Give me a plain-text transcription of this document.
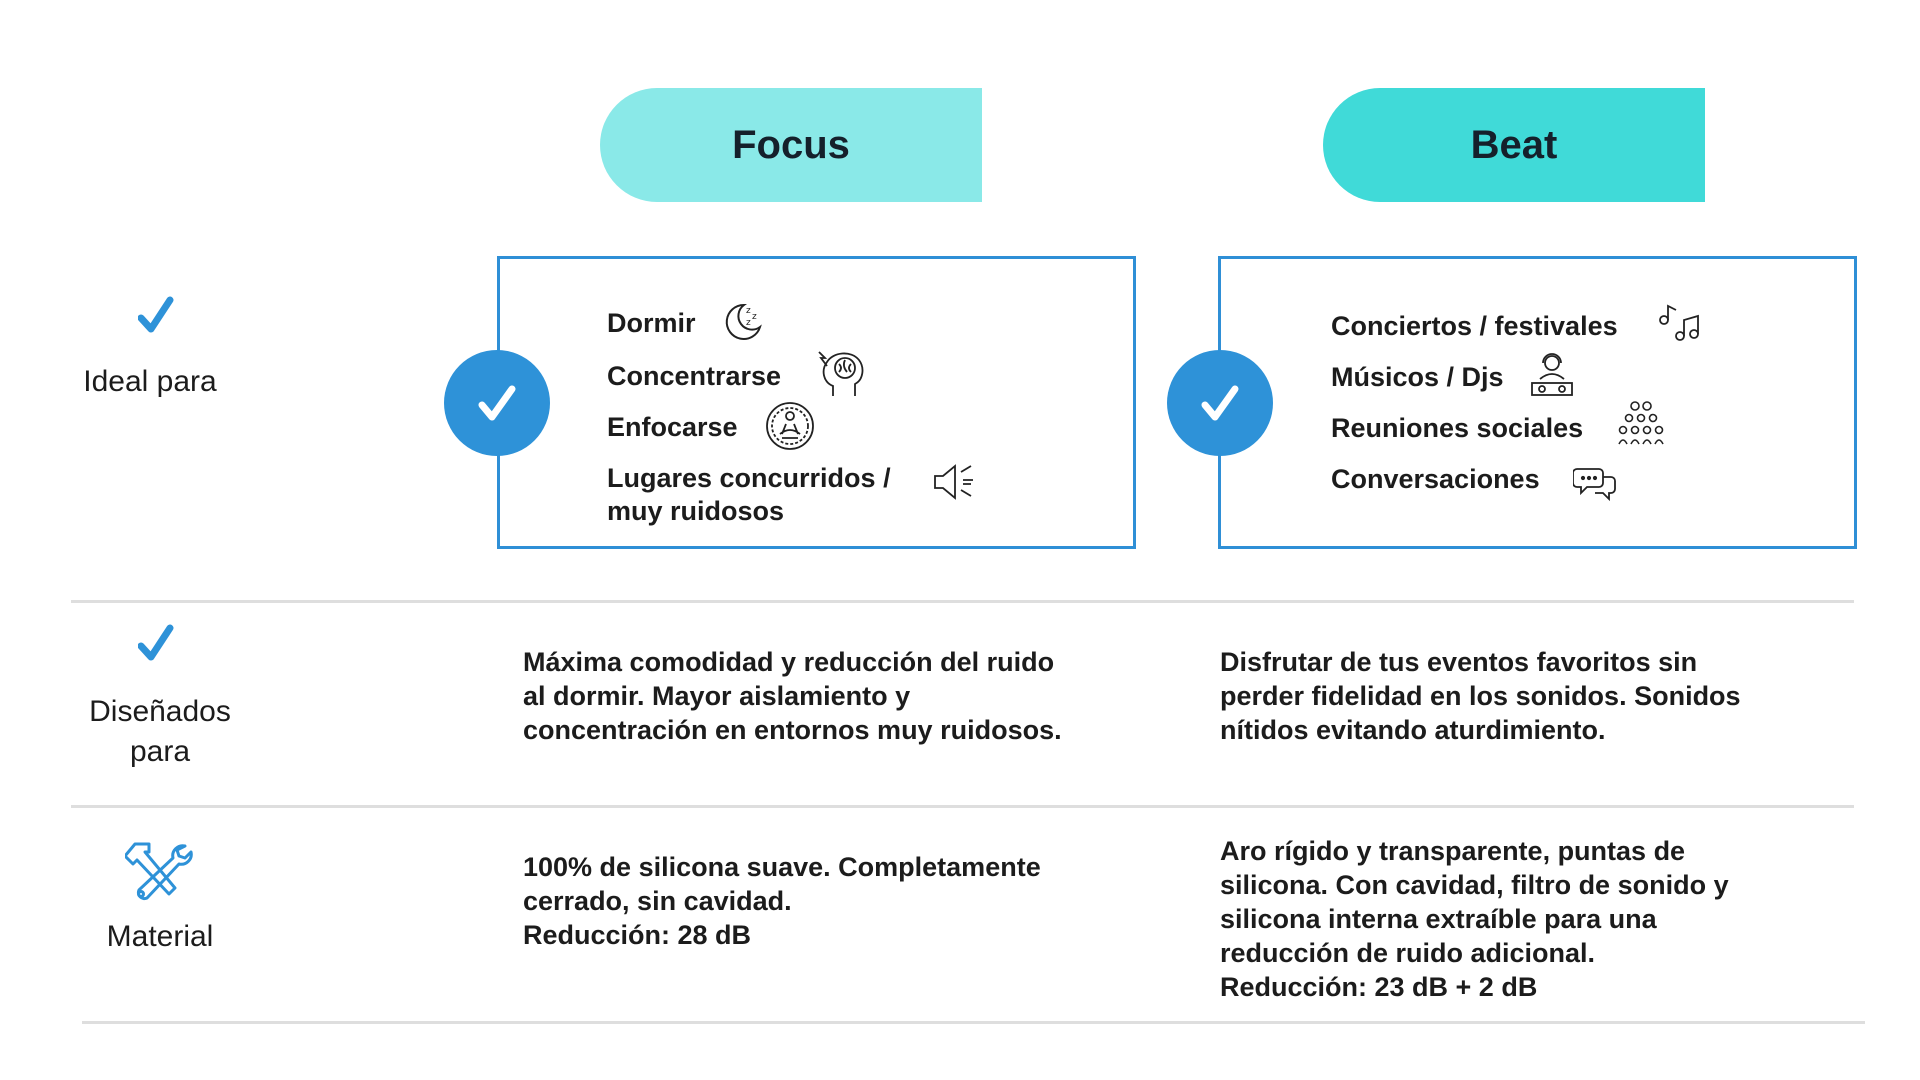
Focus	Beat
Ideal para
Dormir	z
z
z
Concentrarse
Enfocarse
Lugares concurridos /
muy ruidosos
Conciertos / festivales
Músicos / Djs
Reuniones sociales
Conversaciones
Diseñados
para
Máxima comodidad y reducción del ruido
al dormir. Mayor aislamiento y
concentración en entornos muy ruidosos.
Disfrutar de tus eventos favoritos sin
perder fidelidad en los sonidos. Sonidos
nítidos evitando aturdimiento.
Material
100% de silicona suave. Completamente
cerrado, sin cavidad.
Reducción: 28 dB
Aro rígido y transparente, puntas de
silicona. Con cavidad, filtro de sonido y
silicona interna extraíble para una
reducción de ruido adicional.
Reducción: 23 dB + 2 dB
